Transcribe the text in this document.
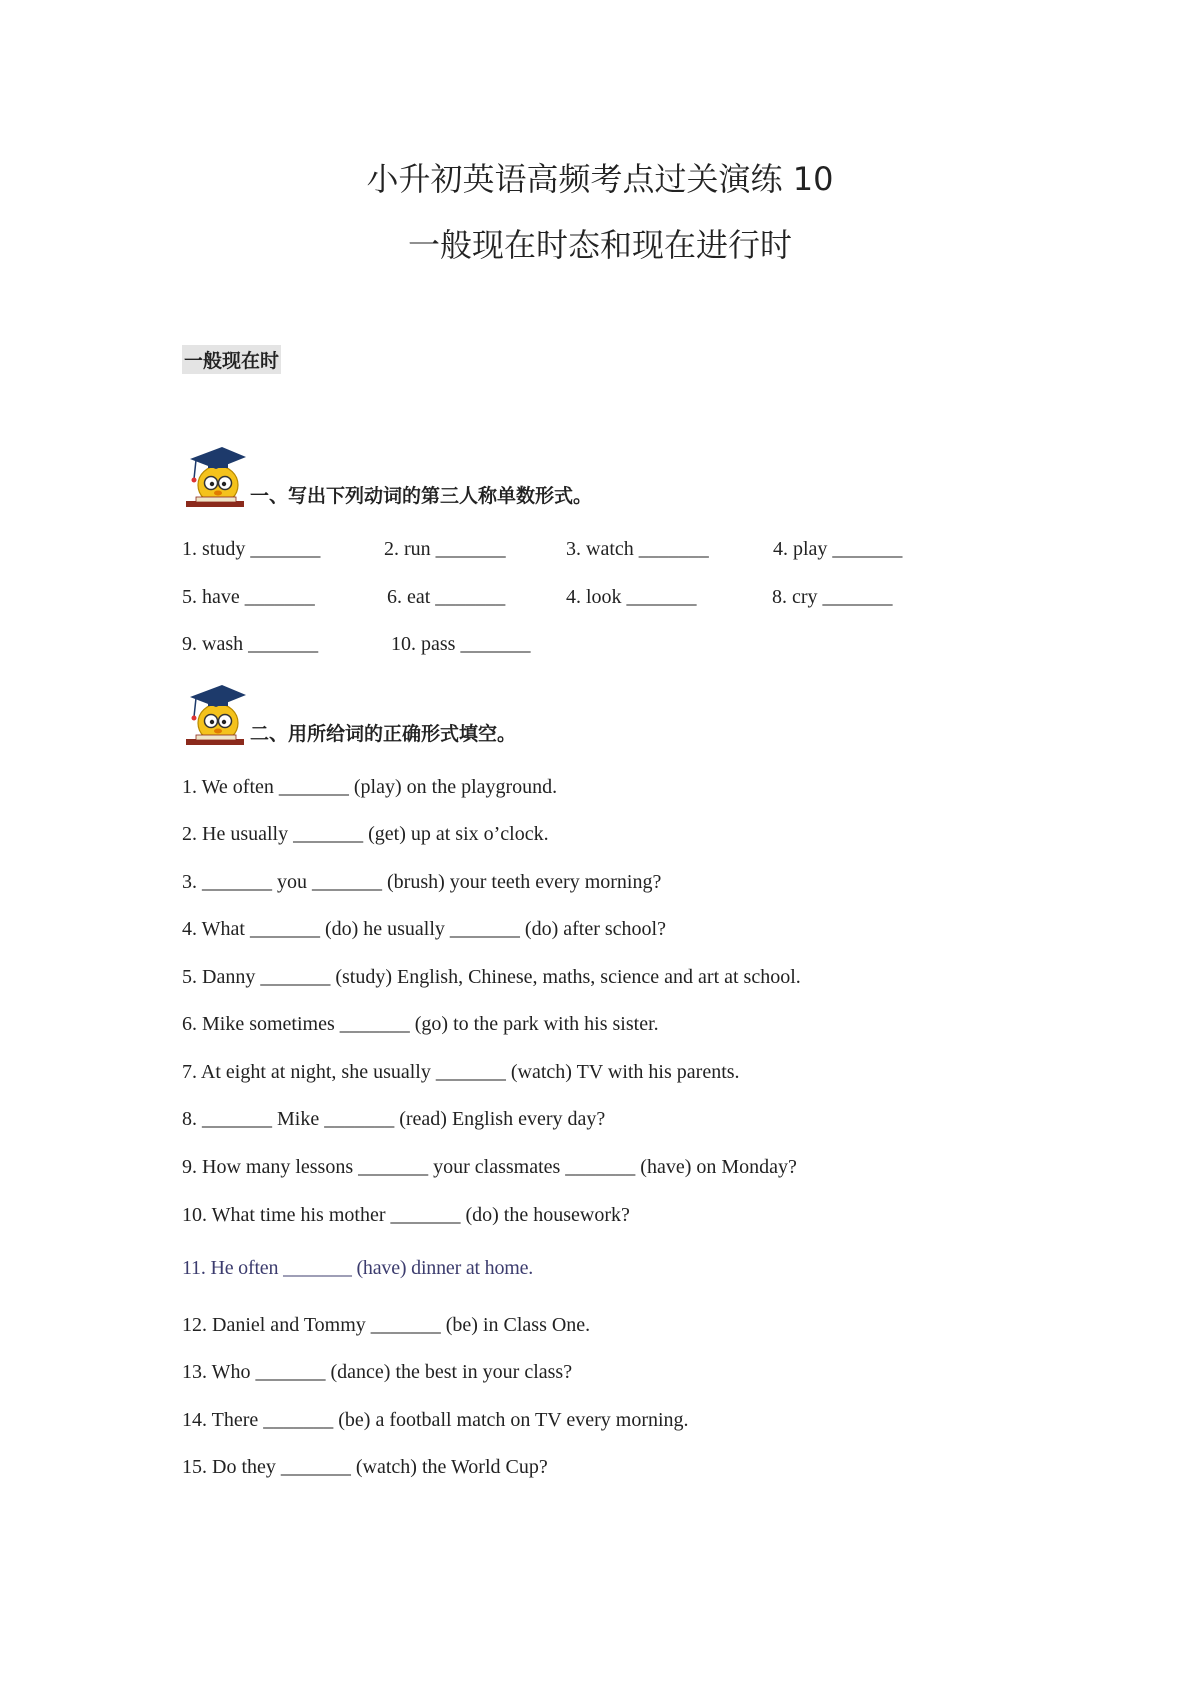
小升初英语高频考点过关演练 10
一般现在时态和现在进行时
一般现在时
一、写出下列动词的第三人称单数形式。
1. study _______	2. run _______	3. watch _______	4. play _______
5. have _______	6. eat _______	4. look _______	8. cry _______
9. wash _______	10. pass _______
二、用所给词的正确形式填空。
1. We often _______ (play) on the playground.
2. He usually _______ (get) up at six o’clock.
3. _______ you _______ (brush) your teeth every morning?
4. What _______ (do) he usually _______ (do) after school?
5. Danny _______ (study) English, Chinese, maths, science and art at school.
6. Mike sometimes _______ (go) to the park with his sister.
7. At eight at night, she usually _______ (watch) TV with his parents.
8. _______ Mike _______ (read) English every day?
9. How many lessons _______ your classmates _______ (have) on Monday?
10. What time his mother _______ (do) the housework?
11. He often _______ (have) dinner at home.
12. Daniel and Tommy _______ (be) in Class One.
13. Who _______ (dance) the best in your class?
14. There _______ (be) a football match on TV every morning.
15. Do they _______ (watch) the World Cup?
